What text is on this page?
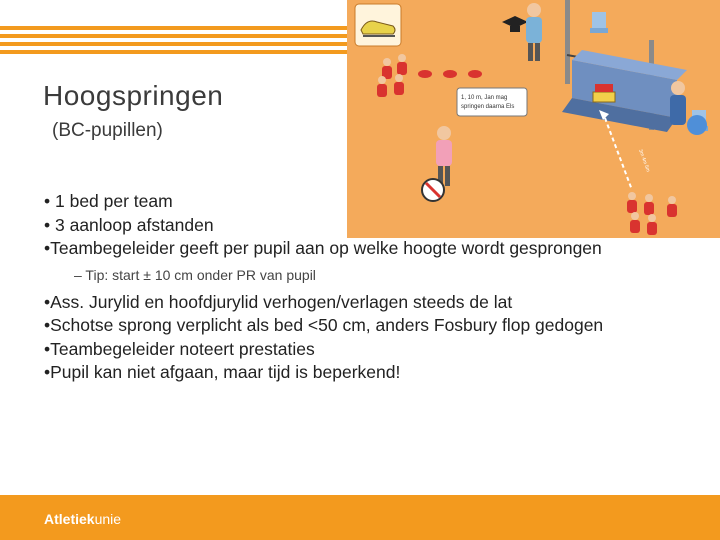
1, 10 m, Jan mag
springen daarna Els
3m 4m 5m
Hoogspringen
(BC-pupillen)
• 1 bed per team
• 3 aanloop afstanden
•Teambegeleider geeft per pupil aan op welke hoogte wordt gesprongen
– Tip: start ± 10 cm onder PR van pupil
•Ass. Jurylid en hoofdjurylid verhogen/verlagen steeds de lat
•Schotse sprong verplicht als bed <50 cm, anders Fosbury flop gedogen
•Teambegeleider noteert prestaties
•Pupil kan niet afgaan, maar tijd is beperkend!
Atletiekunie
